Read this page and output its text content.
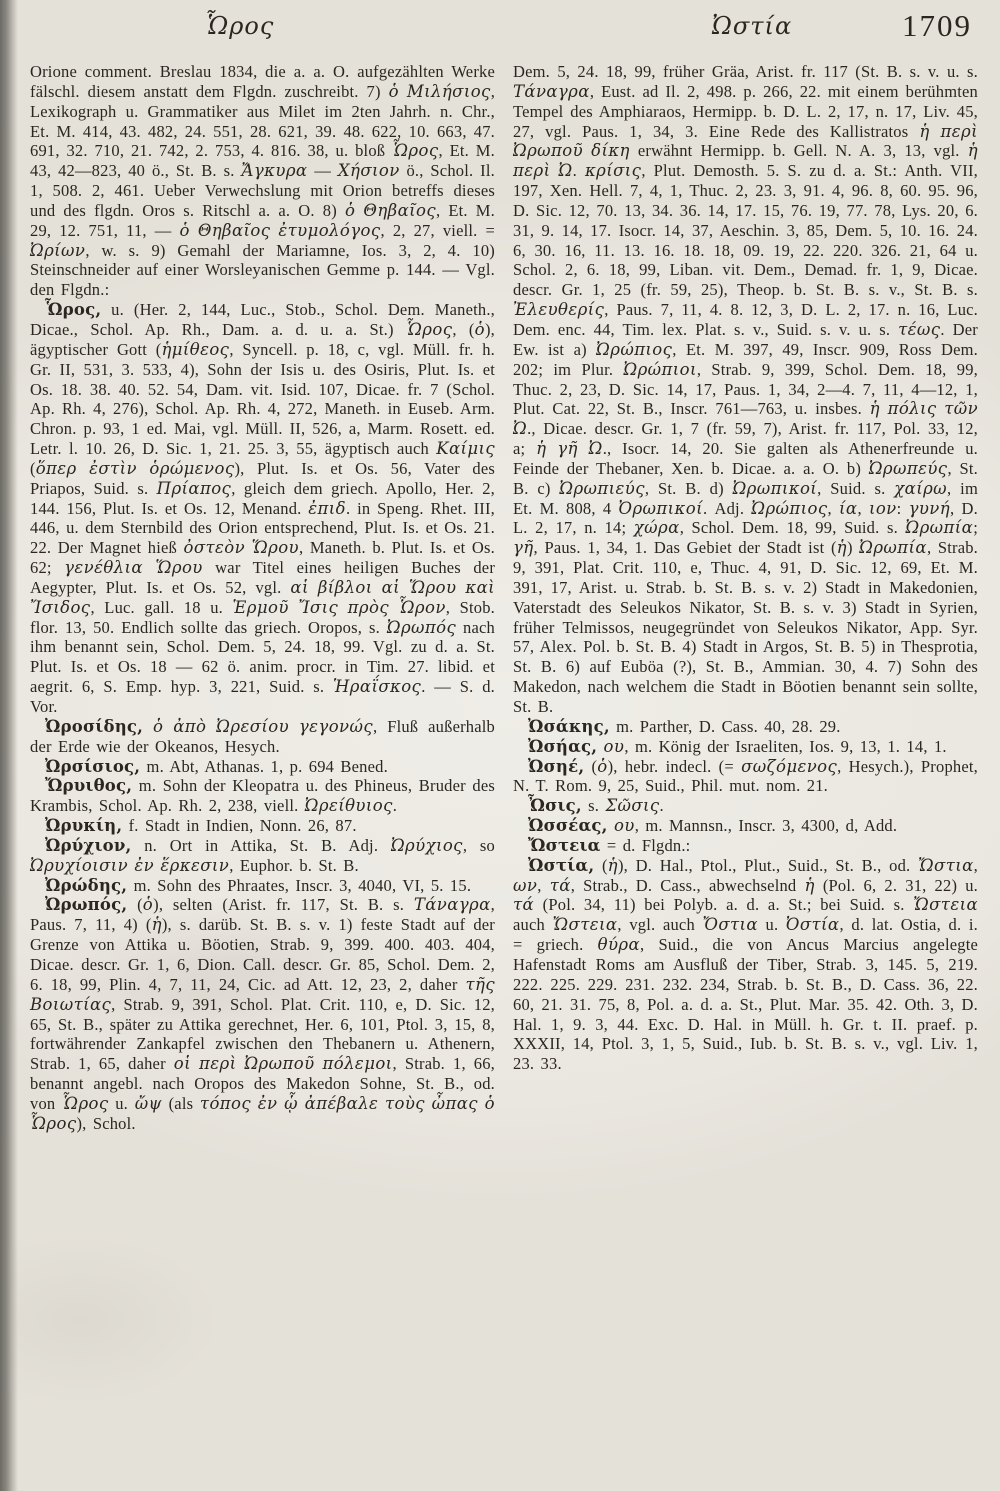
Ὧρος	Ὠστία	1709

Orione comment. Breslau 1834, die a. a. O. aufgezählten Werke fälschl. diesem anstatt dem Flgdn. zuschreibt. 7) ὁ Μιλήσιος, Lexikograph u. Grammatiker aus Milet im 2ten Jahrh. n. Chr., Et. M. 414, 43. 482, 24. 551, 28. 621, 39. 48. 622, 10. 663, 47. 691, 32. 710, 21. 742, 2. 753, 4. 816. 38, u. bloß Ὧρος, Et. M. 43, 42—823, 40 ö., St. B. s. Ἄγκυρα — Χήσιον ö., Schol. Il. 1, 508. 2, 461. Ueber Verwechslung mit Orion betreffs dieses und des flgdn. Oros s. Ritschl a. a. O. 8) ὁ Θηβαῖος, Et. M. 29, 12. 751, 11, — ὁ Θηβαῖος ἐτυμολόγος, 2, 27, viell. = Ὠρίων, w. s. 9) Gemahl der Mariamne, Ios. 3, 2, 4. 10) Steinschneider auf einer Worsleyanischen Gemme p. 144. — Vgl. den Flgdn.:

Ὧρος, u. (Her. 2, 144, Luc., Stob., Schol. Dem. Maneth., Dicae., Schol. Ap. Rh., Dam. a. d. u. a. St.) Ὧρος, (ὁ), ägyptischer Gott (ἡμίθεος, Syncell. p. 18, c, vgl. Müll. fr. h. Gr. II, 531, 3. 533, 4), Sohn der Isis u. des Osiris, Plut. Is. et Os. 18. 38. 40. 52. 54, Dam. vit. Isid. 107, Dicae. fr. 7 (Schol. Ap. Rh. 4, 276), Schol. Ap. Rh. 4, 272, Maneth. in Euseb. Arm. Chron. p. 93, 1 ed. Mai, vgl. Müll. II, 526, a, Marm. Rosett. ed. Letr. l. 10. 26, D. Sic. 1, 21. 25. 3, 55, ägyptisch auch Καίμις (ὅπερ ἐστὶν ὁρώμενος), Plut. Is. et Os. 56, Vater des Priapos, Suid. s. Πρίαπος, gleich dem griech. Apollo, Her. 2, 144. 156, Plut. Is. et Os. 12, Menand. ἐπιδ. in Speng. Rhet. III, 446, u. dem Sternbild des Orion entsprechend, Plut. Is. et Os. 21. 22. Der Magnet hieß ὀστεὸν Ὥρου, Maneth. b. Plut. Is. et Os. 62; γενέθλια Ὥρου war Titel eines heiligen Buches der Aegypter, Plut. Is. et Os. 52, vgl. αἱ βίβλοι αἱ Ὥρου καὶ Ἴσιδος, Luc. gall. 18 u. Ἑρμοῦ Ἴσις πρὸς Ὧρον, Stob. flor. 13, 50. Endlich sollte das griech. Oropos, s. Ὠρωπός nach ihm benannt sein, Schol. Dem. 5, 24. 18, 99. Vgl. zu d. a. St. Plut. Is. et Os. 18 — 62 ö. anim. procr. in Tim. 27. libid. et aegrit. 6, S. Emp. hyp. 3, 221, Suid. s. Ἡραΐσκος. — S. d. Vor.

Ὠροσίδης, ὁ ἀπὸ Ὠρεσίου γεγονώς, Fluß außerhalb der Erde wie der Okeanos, Hesych.

Ὠρσίσιος, m. Abt, Athanas. 1, p. 694 Bened.

Ὤρυιθος, m. Sohn der Kleopatra u. des Phineus, Bruder des Krambis, Schol. Ap. Rh. 2, 238, viell. Ὠρείθυιος.

Ὠρυκίη, f. Stadt in Indien, Nonn. 26, 87.

Ὠρύχιον, n. Ort in Attika, St. B. Adj. Ὠρύχιος, so Ὠρυχίοισιν ἐν ἕρκεσιν, Euphor. b. St. B.

Ὠρώδης, m. Sohn des Phraates, Inscr. 3, 4040, VI, 5. 15.

Ὠρωπός, (ὁ), selten (Arist. fr. 117, St. B. s. Τάναγρα, Paus. 7, 11, 4) (ἡ), s. darüb. St. B. s. v. 1) feste Stadt auf der Grenze von Attika u. Böotien, Strab. 9, 399. 400. 403. 404, Dicae. descr. Gr. 1, 6, Dion. Call. descr. Gr. 85, Schol. Dem. 2, 6. 18, 99, Plin. 4, 7, 11, 24, Cic. ad Att. 12, 23, 2, daher τῆς Βοιωτίας, Strab. 9, 391, Schol. Plat. Crit. 110, e, D. Sic. 12, 65, St. B., später zu Attika gerechnet, Her. 6, 101, Ptol. 3, 15, 8, fortwährender Zankapfel zwischen den Thebanern u. Athenern, Strab. 1, 65, daher οἱ περὶ Ὠρωποῦ πόλεμοι, Strab. 1, 66, benannt angebl. nach Oropos des Makedon Sohne, St. B., od. von Ὧρος u. ὤψ (als τόπος ἐν ᾧ ἀπέβαλε τοὺς ὦπας ὁ Ὧρος), Schol.

Dem. 5, 24. 18, 99, früher Gräa, Arist. fr. 117 (St. B. s. v. u. s. Τάναγρα, Eust. ad Il. 2, 498. p. 266, 22. mit einem berühmten Tempel des Amphiaraos, Hermipp. b. D. L. 2, 17, n. 17, Liv. 45, 27, vgl. Paus. 1, 34, 3. Eine Rede des Kallistratos ἡ περὶ Ὠρωποῦ δίκη erwähnt Hermipp. b. Gell. N. A. 3, 13, vgl. ἡ περὶ Ὠ. κρίσις, Plut. Demosth. 5. S. zu d. a. St.: Anth. VII, 197, Xen. Hell. 7, 4, 1, Thuc. 2, 23. 3, 91. 4, 96. 8, 60. 95. 96, D. Sic. 12, 70. 13, 34. 36. 14, 17. 15, 76. 19, 77. 78, Lys. 20, 6. 31, 9. 14, 17. Isocr. 14, 37, Aeschin. 3, 85, Dem. 5, 10. 16. 24. 6, 30. 16, 11. 13. 16. 18. 18, 09. 19, 22. 220. 326. 21, 64 u. Schol. 2, 6. 18, 99, Liban. vit. Dem., Demad. fr. 1, 9, Dicae. descr. Gr. 1, 25 (fr. 59, 25), Theop. b. St. B. s. v., St. B. s. Ἐλευθερίς, Paus. 7, 11, 4. 8. 12, 3, D. L. 2, 17. n. 16, Luc. Dem. enc. 44, Tim. lex. Plat. s. v., Suid. s. v. u. s. τέως. Der Ew. ist a) Ὠρώπιος, Et. M. 397, 49, Inscr. 909, Ross Dem. 202; im Plur. Ὠρώπιοι, Strab. 9, 399, Schol. Dem. 18, 99, Thuc. 2, 23, D. Sic. 14, 17, Paus. 1, 34, 2—4. 7, 11, 4—12, 1, Plut. Cat. 22, St. B., Inscr. 761—763, u. insbes. ἡ πόλις τῶν Ὠ., Dicae. descr. Gr. 1, 7 (fr. 59, 7), Arist. fr. 117, Pol. 33, 12, a; ἡ γῆ Ὠ., Isocr. 14, 20. Sie galten als Athenerfreunde u. Feinde der Thebaner, Xen. b. Dicae. a. a. O. b) Ὠρωπεύς, St. B. c) Ὠρωπιεύς, St. B. d) Ὠρωπικοί, Suid. s. χαίρω, im Et. M. 808, 4 Ὀρωπικοί. Adj. Ὠρώπιος, ία, ιον: γυνή, D. L. 2, 17, n. 14; χώρα, Schol. Dem. 18, 99, Suid. s. Ὠρωπία; γῆ, Paus. 1, 34, 1. Das Gebiet der Stadt ist (ἡ) Ὠρωπία, Strab. 9, 391, Plat. Crit. 110, e, Thuc. 4, 91, D. Sic. 12, 69, Et. M. 391, 17, Arist. u. Strab. b. St. B. s. v. 2) Stadt in Makedonien, Vaterstadt des Seleukos Nikator, St. B. s. v. 3) Stadt in Syrien, früher Telmissos, neugegründet von Seleukos Nikator, App. Syr. 57, Alex. Pol. b. St. B. 4) Stadt in Argos, St. B. 5) in Thesprotia, St. B. 6) auf Euböa (?), St. B., Ammian. 30, 4. 7) Sohn des Makedon, nach welchem die Stadt in Böotien benannt sein sollte, St. B.

Ὠσάκης, m. Parther, D. Cass. 40, 28. 29.

Ὠσήας, ου, m. König der Israeliten, Ios. 9, 13, 1. 14, 1.

Ὠσηέ, (ὁ), hebr. indecl. (= σωζόμενος, Hesych.), Prophet, N. T. Rom. 9, 25, Suid., Phil. mut. nom. 21.

Ὦσις, s. Σῶσις.

Ὠσσέας, ου, m. Mannsn., Inscr. 3, 4300, d, Add.

Ὤστεια = d. Flgdn.:

Ὠστία, (ἡ), D. Hal., Ptol., Plut., Suid., St. B., od. Ὤστια, ων, τά, Strab., D. Cass., abwechselnd ἡ (Pol. 6, 2. 31, 22) u. τά (Pol. 34, 11) bei Polyb. a. d. a. St.; bei Suid. s. Ὤστεια auch Ὤστεια, vgl. auch Ὄστια u. Ὀστία, d. lat. Ostia, d. i. = griech. θύρα, Suid., die von Ancus Marcius angelegte Hafenstadt Roms am Ausfluß der Tiber, Strab. 3, 145. 5, 219. 222. 225. 229. 231. 232. 234, Strab. b. St. B., D. Cass. 36, 22. 60, 21. 31. 75, 8, Pol. a. d. a. St., Plut. Mar. 35. 42. Oth. 3, D. Hal. 1, 9. 3, 44. Exc. D. Hal. in Müll. h. Gr. t. II. praef. p. XXXII, 14, Ptol. 3, 1, 5, Suid., Iub. b. St. B. s. v., vgl. Liv. 1, 23. 33.
